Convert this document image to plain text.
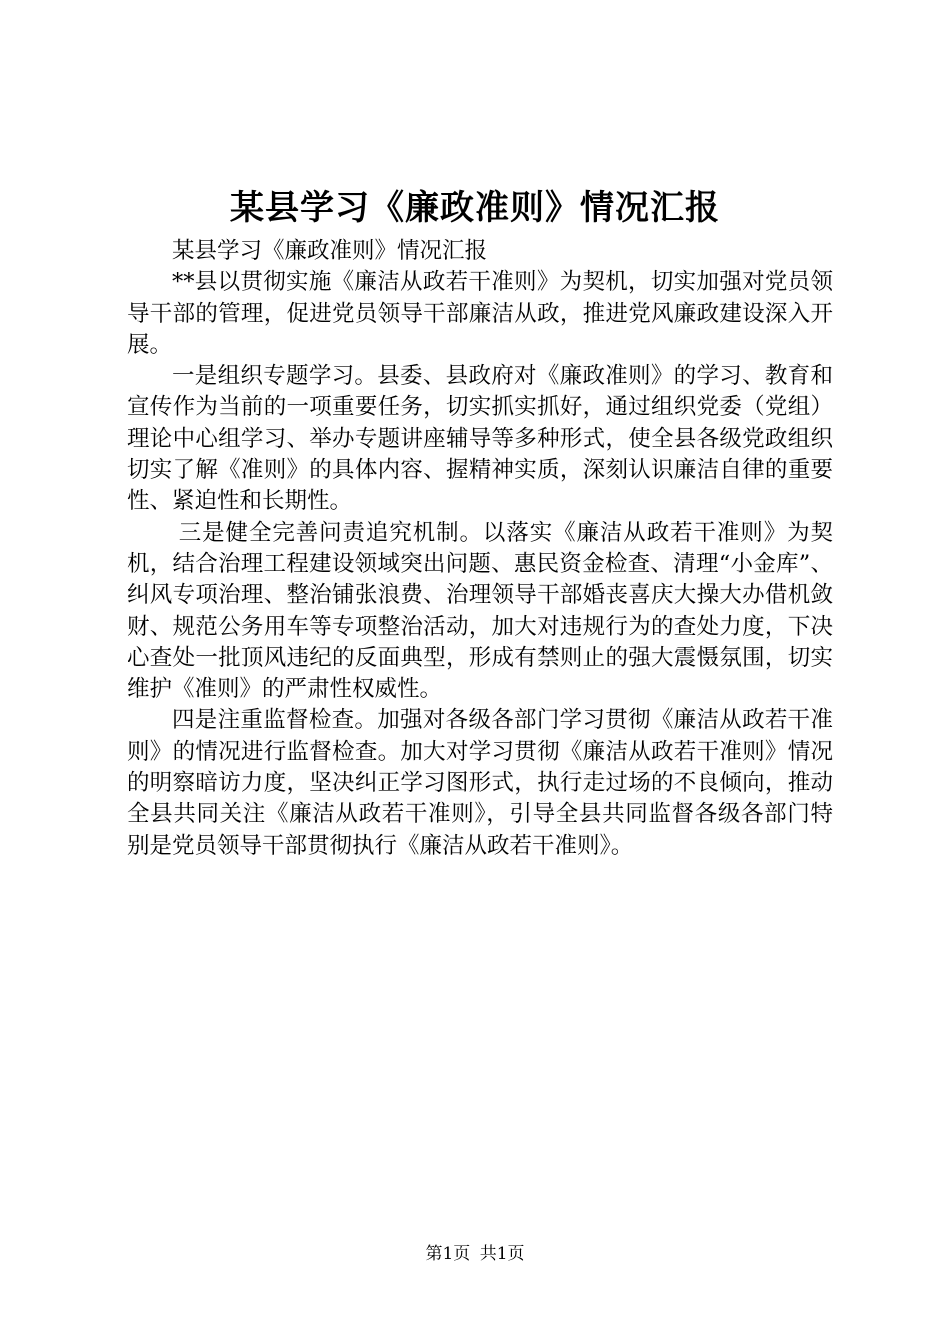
某县学习《廉政准则》情况汇报

某县学习《廉政准则》情况汇报

**县以贯彻实施《廉洁从政若干准则》为契机，切实加强对党员领导干部的管理，促进党员领导干部廉洁从政，推进党风廉政建设深入开展。

一是组织专题学习。县委、县政府对《廉政准则》的学习、教育和宣传作为当前的一项重要任务，切实抓实抓好，通过组织党委（党组）理论中心组学习、举办专题讲座辅导等多种形式，使全县各级党政组织切实了解《准则》的具体内容、握精神实质，深刻认识廉洁自律的重要性、紧迫性和长期性。

三是健全完善问责追究机制。以落实《廉洁从政若干准则》为契机，结合治理工程建设领域突出问题、惠民资金检查、清理“小金库”、纠风专项治理、整治铺张浪费、治理领导干部婚丧喜庆大操大办借机敛财、规范公务用车等专项整治活动，加大对违规行为的查处力度，下决心查处一批顶风违纪的反面典型，形成有禁则止的强大震慑氛围，切实维护《准则》的严肃性权威性。

四是注重监督检查。加强对各级各部门学习贯彻《廉洁从政若干准则》的情况进行监督检查。加大对学习贯彻《廉洁从政若干准则》情况的明察暗访力度，坚决纠正学习图形式，执行走过场的不良倾向，推动全县共同关注《廉洁从政若干准则》，引导全县共同监督各级各部门特别是党员领导干部贯彻执行《廉洁从政若干准则》。

第1页 共1页
